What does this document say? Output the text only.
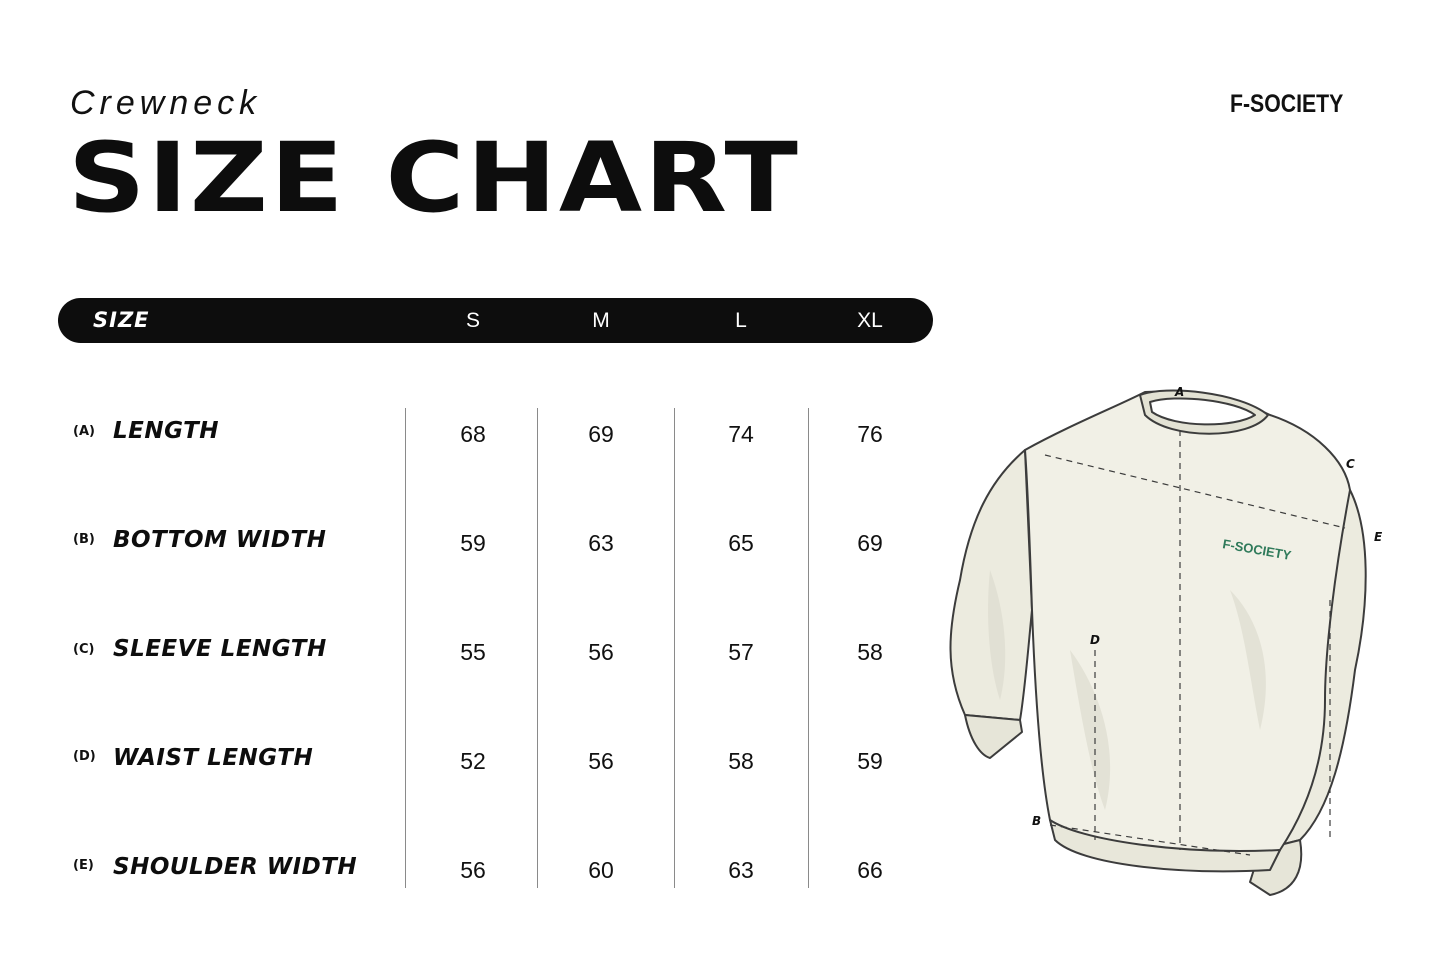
Crewneck
SIZE CHART
F-SOCIETY
SIZE	S	M	L	XL
(A) LENGTH	68	69	74	76
(B) BOTTOM WIDTH	59	63	65	69
(C) SLEEVE LENGTH	55	56	57	58
(D) WAIST LENGTH	52	56	58	59
(E) SHOULDER WIDTH	56	60	63	66
A
B
C
D
E
F-SOCIETY
